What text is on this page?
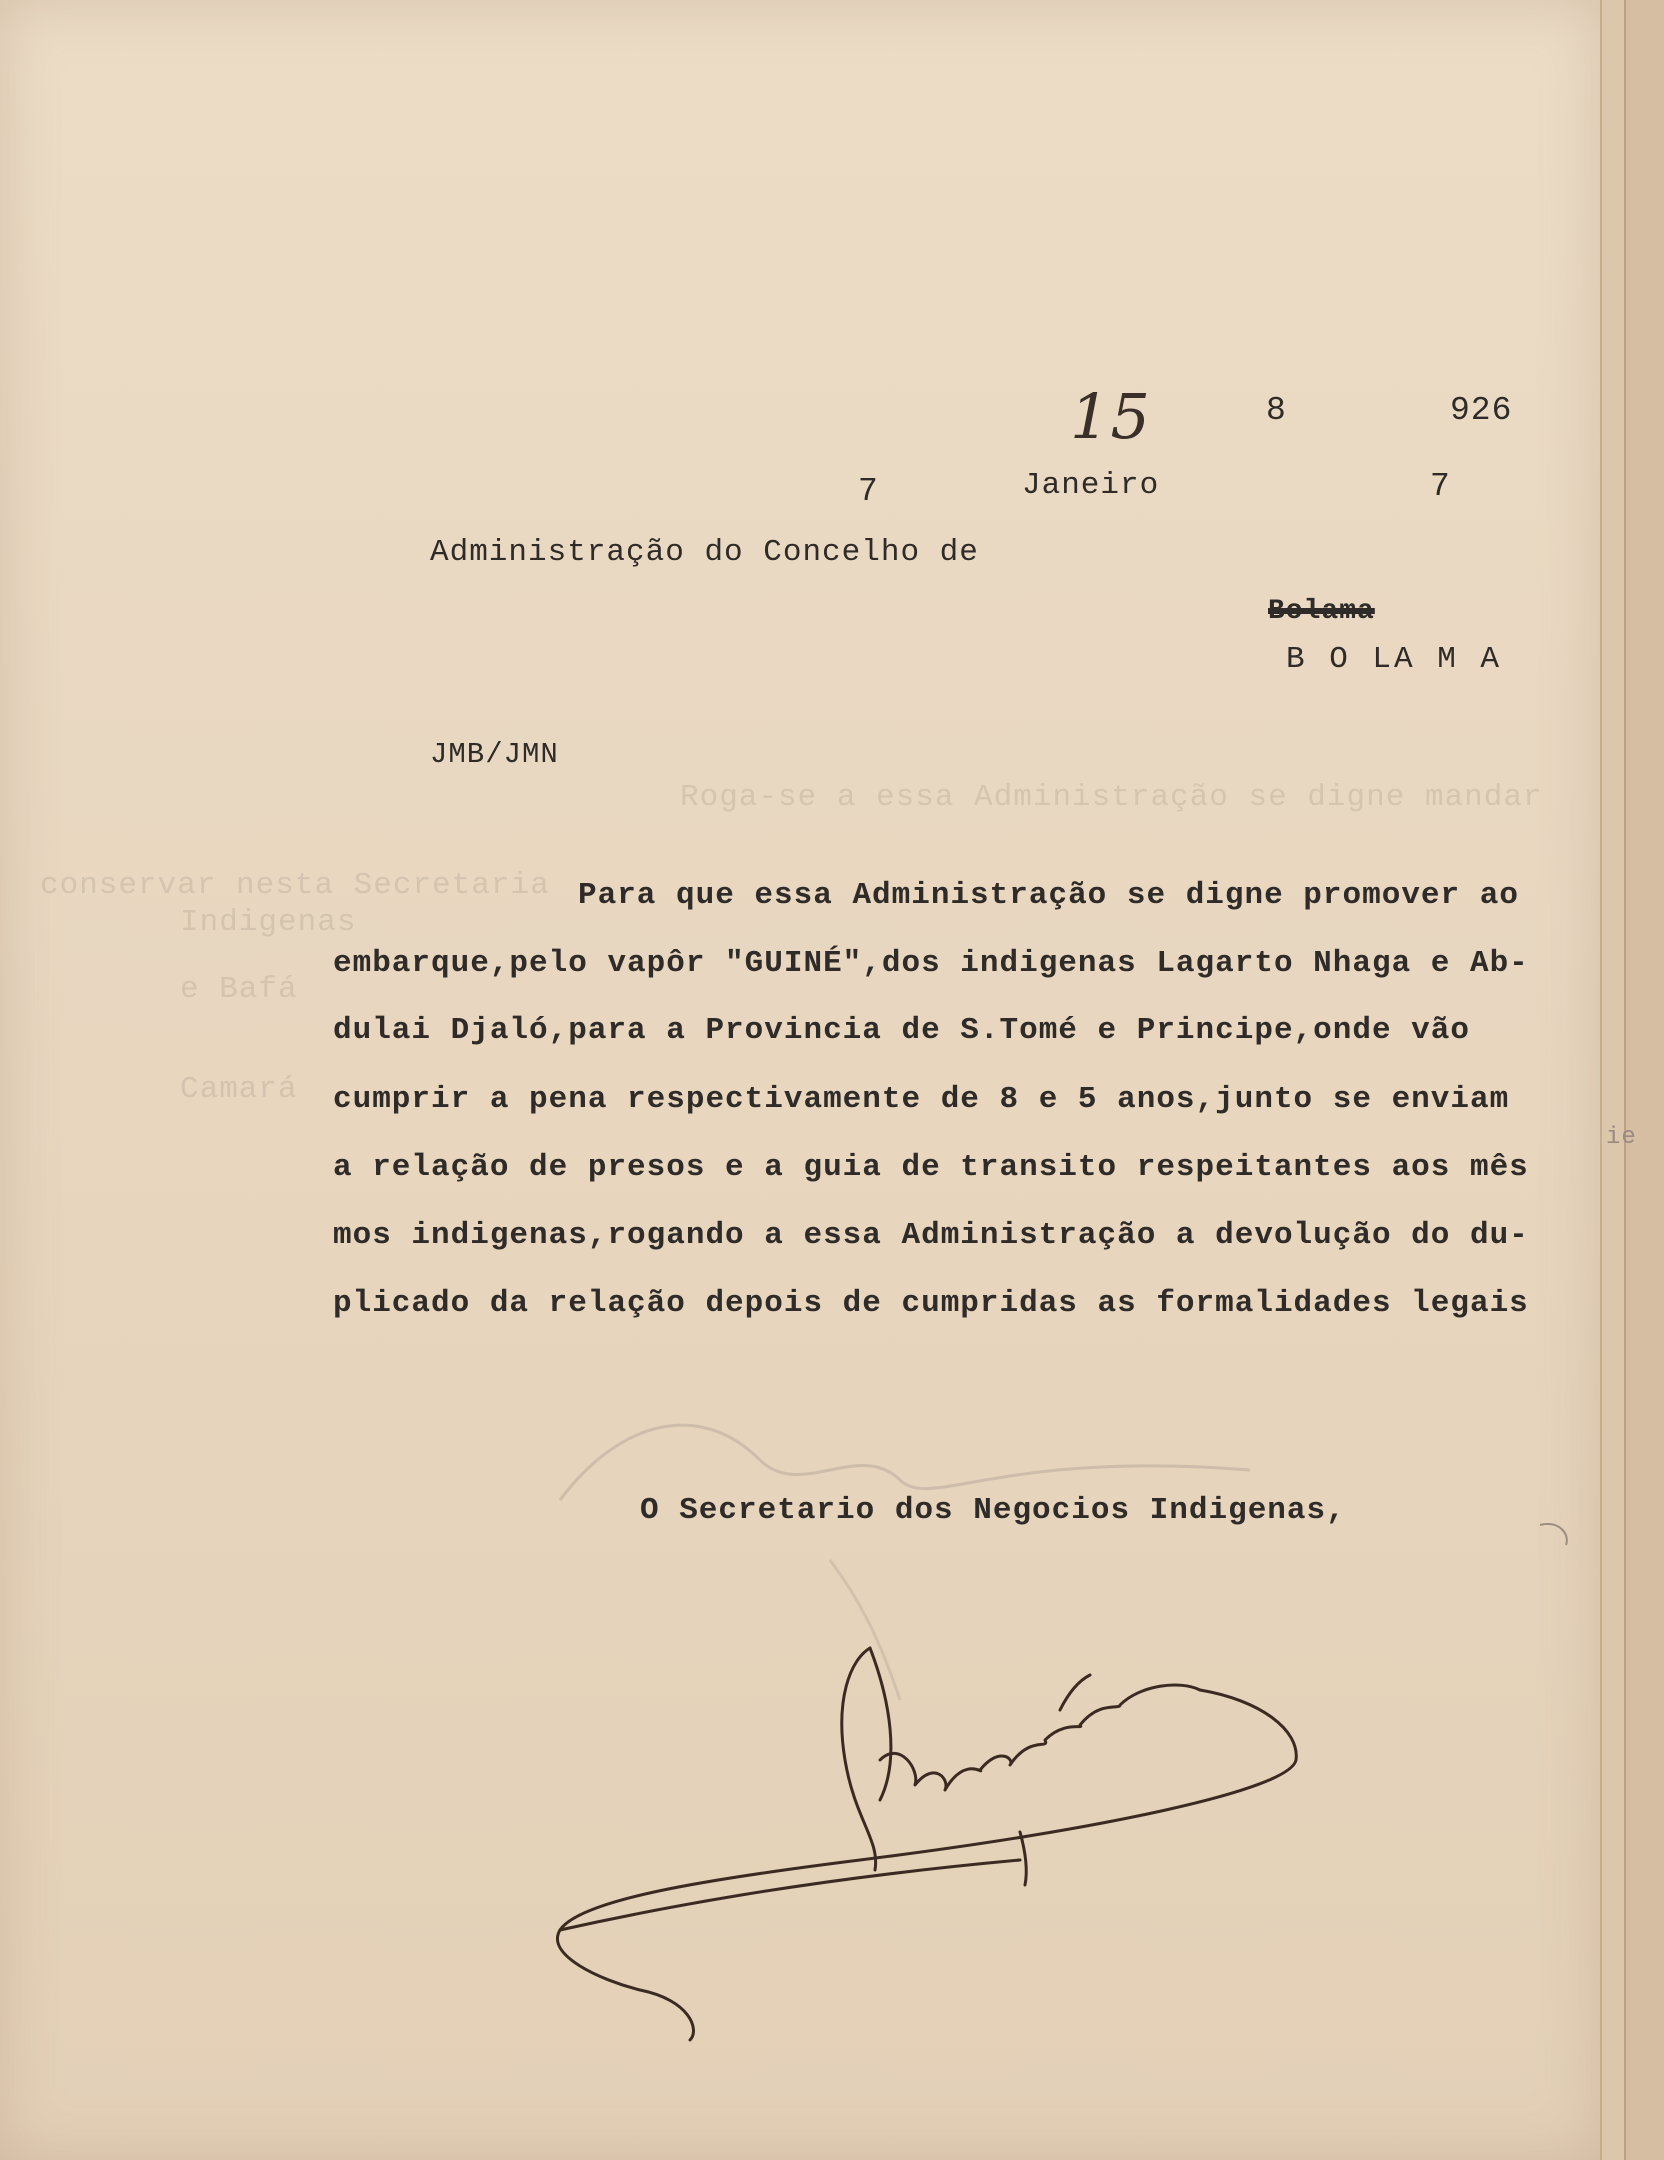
Roga-se a essa Administração se digne mandar
conservar nesta Secretaria
Indigenas
e Bafá
Camará
ie
15	8	926
7	Janeiro	7
Administração do Concelho de
Bolama
B O LA M A
JMB/JMN
Para que essa Administração se digne promover ao
embarque,pelo vapôr "GUINÉ",dos indigenas Lagarto Nhaga e Ab-
dulai Djaló,para a Provincia de S.Tomé e Principe,onde vão
cumprir a pena respectivamente de 8 e 5 anos,junto se enviam
a relação de presos e a guia de transito respeitantes aos mês
mos indigenas,rogando a essa Administração a devolução do du-
plicado da relação depois de cumpridas as formalidades legais
O Secretario dos Negocios Indigenas,
